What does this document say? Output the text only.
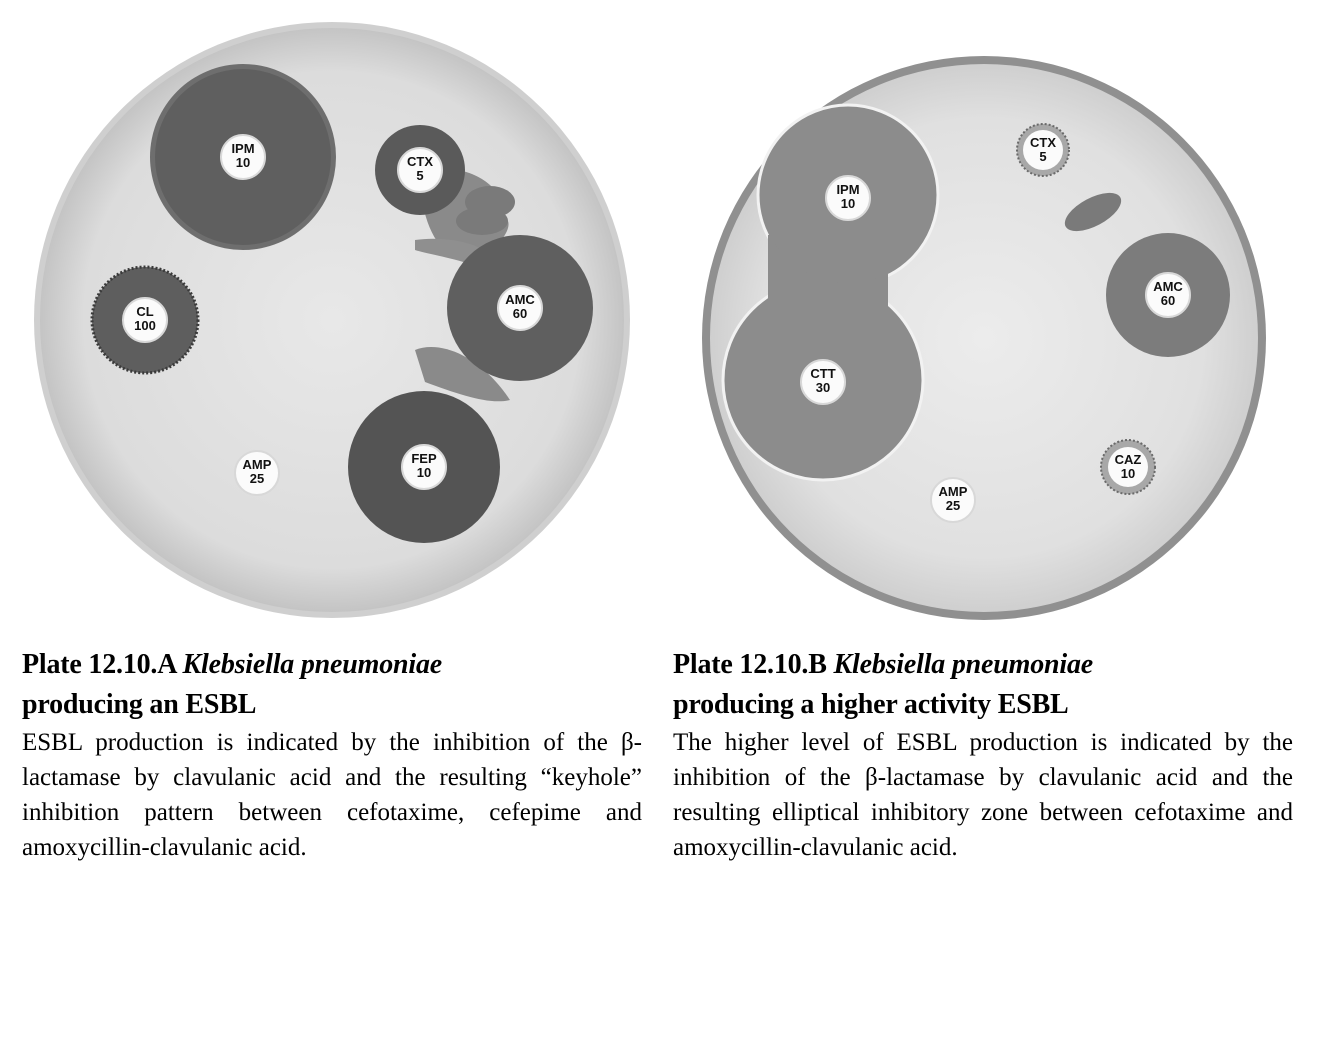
IPM
10	CTX
5
AMC
60
CL
100
FEP
10
AMP
25
CTX
5
IPM
10
AMC
60
CTT
30
CAZ
10
AMP
25

Plate 12.10.A Klebsiella pneumoniae

producing an ESBL

ESBL production is indicated by the inhibition of the β-lactamase by clavulanic acid and the resulting “keyhole” inhibition pattern between cefotaxime, cefepime and amoxycillin-clavulanic acid.

Plate 12.10.B Klebsiella pneumoniae

producing a higher activity ESBL

The higher level of ESBL production is indicated by the inhibition of the β-lactamase by clavulanic acid and the resulting elliptical inhibitory zone between cefotaxime and amoxycillin-clavulanic acid.
